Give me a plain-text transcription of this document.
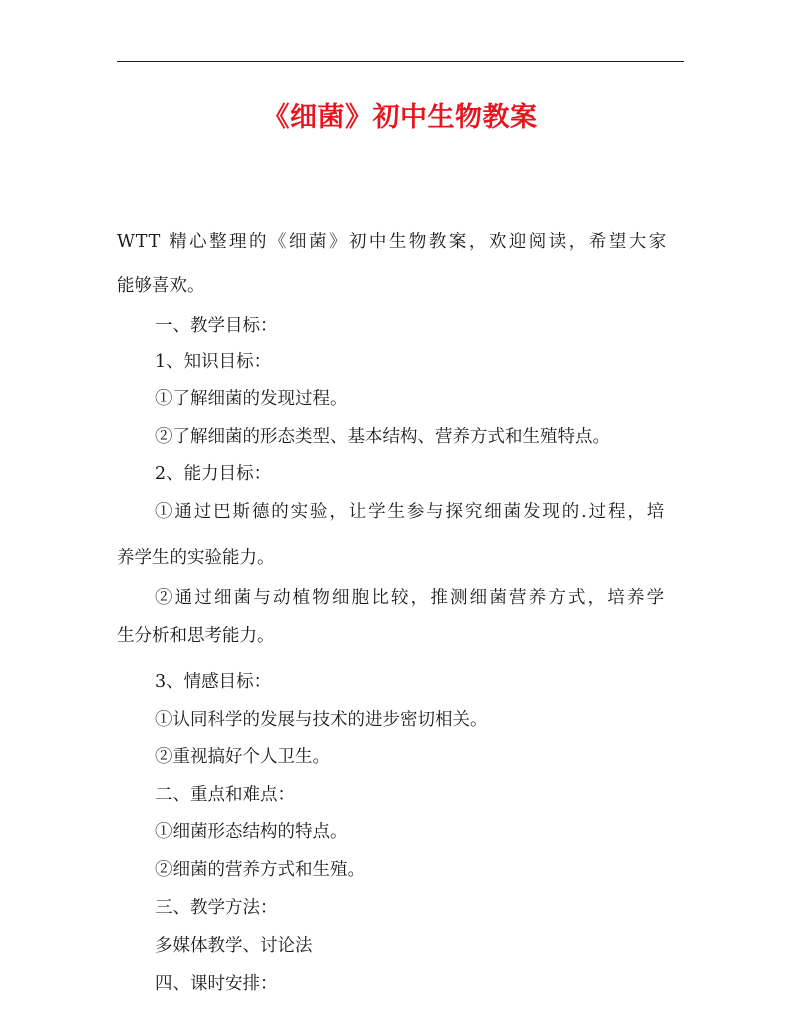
《细菌》初中生物教案
WTT 精心整理的《细菌》初中生物教案，欢迎阅读，希望大家
能够喜欢。
一、教学目标：
1、知识目标：
①了解细菌的发现过程。
②了解细菌的形态类型、基本结构、营养方式和生殖特点。
2、能力目标：
①通过巴斯德的实验，让学生参与探究细菌发现的.过程，培
养学生的实验能力。
②通过细菌与动植物细胞比较，推测细菌营养方式，培养学
生分析和思考能力。
3、情感目标：
①认同科学的发展与技术的进步密切相关。
②重视搞好个人卫生。
二、重点和难点：
①细菌形态结构的特点。
②细菌的营养方式和生殖。
三、教学方法：
多媒体教学、讨论法
四、课时安排：
